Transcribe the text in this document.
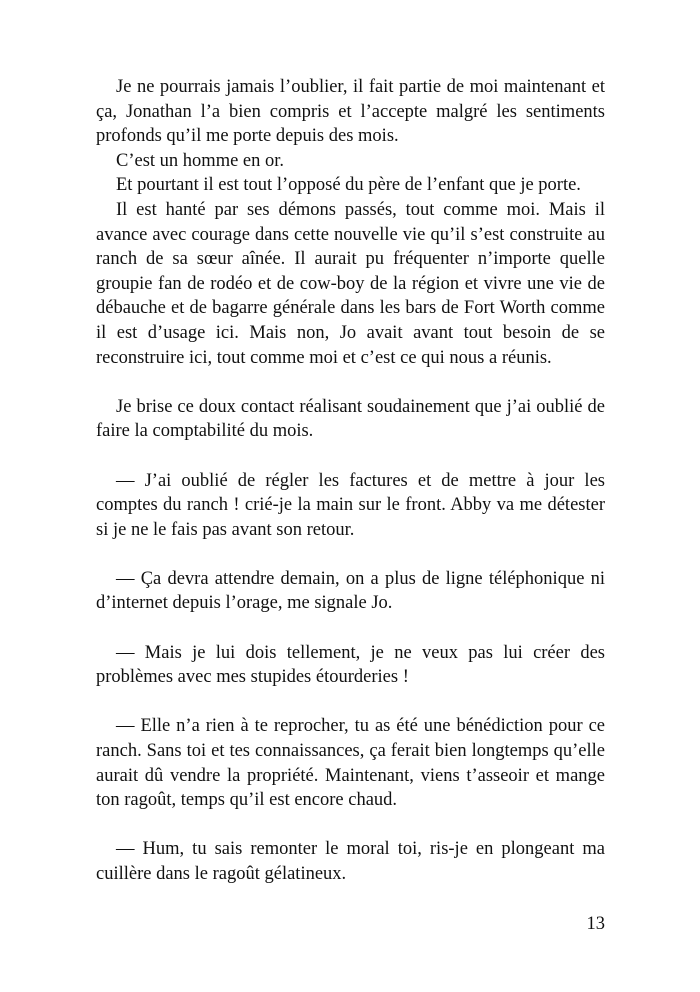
Je ne pourrais jamais l’oublier, il fait partie de moi maintenant et ça, Jonathan l’a bien compris et l’accepte malgré les sentiments profonds qu’il me porte depuis des mois.

C’est un homme en or.

Et pourtant il est tout l’opposé du père de l’enfant que je porte.

Il est hanté par ses démons passés, tout comme moi. Mais il avance avec courage dans cette nouvelle vie qu’il s’est construite au ranch de sa sœur aînée. Il aurait pu fréquenter n’importe quelle groupie fan de rodéo et de cow-boy de la région et vivre une vie de débauche et de bagarre générale dans les bars de Fort Worth comme il est d’usage ici. Mais non, Jo avait avant tout besoin de se reconstruire ici, tout comme moi et c’est ce qui nous a réunis.

Je brise ce doux contact réalisant soudainement que j’ai oublié de faire la comptabilité du mois.

— J’ai oublié de régler les factures et de mettre à jour les comptes du ranch ! crié-je la main sur le front. Abby va me détester si je ne le fais pas avant son retour.

— Ça devra attendre demain, on a plus de ligne téléphonique ni d’internet depuis l’orage, me signale Jo.

— Mais je lui dois tellement, je ne veux pas lui créer des problèmes avec mes stupides étourderies !

— Elle n’a rien à te reprocher, tu as été une bénédiction pour ce ranch. Sans toi et tes connaissances, ça ferait bien longtemps qu’elle aurait dû vendre la propriété. Maintenant, viens t’asseoir et mange ton ragoût, temps qu’il est encore chaud.

— Hum, tu sais remonter le moral toi, ris-je en plongeant ma cuillère dans le ragoût gélatineux.

13
